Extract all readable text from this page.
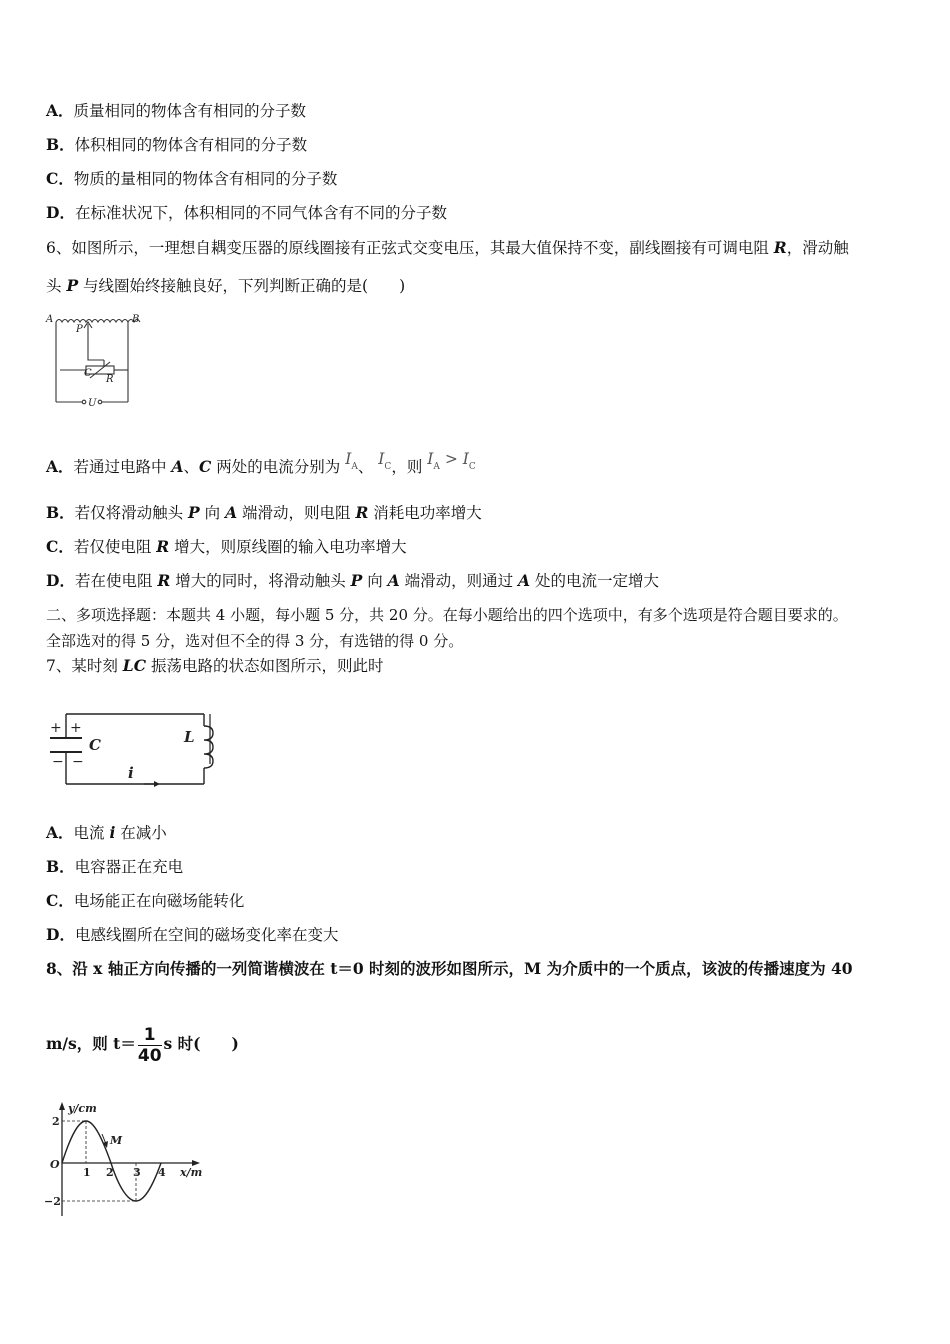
A．质量相同的物体含有相同的分子数
B．体积相同的物体含有相同的分子数
C．物质的量相同的物体含有相同的分子数
D．在标准状况下，体积相同的不同气体含有不同的分子数
6、如图所示，一理想自耦变压器的原线圈接有正弦式交变电压，其最大值保持不变，副线圈接有可调电阻 R，滑动触
头 P 与线圈始终接触良好，下列判断正确的是(　　)
A	B
P
C
R
U
A．若通过电路中 A、C 两处的电流分别为 $I_A$、 $I_C$，则 $I_A > I_C$
B．若仅将滑动触头 P 向 A 端滑动，则电阻 R 消耗电功率增大
C．若仅使电阻 R 增大，则原线圈的输入电功率增大
D．若在使电阻 R 增大的同时，将滑动触头 P 向 A 端滑动，则通过 A 处的电流一定增大
二、多项选择题：本题共 4 小题，每小题 5 分，共 20 分。在每小题给出的四个选项中，有多个选项是符合题目要求的。
全部选对的得 5 分，选对但不全的得 3 分，有选错的得 0 分。
7、某时刻 LC 振荡电路的状态如图所示，则此时
+ +
− −
C	L
i
A．电流 i 在减小
B．电容器正在充电
C．电场能正在向磁场能转化
D．电感线圈所在空间的磁场变化率在变大
8、沿 x 轴正方向传播的一列简谐横波在 t＝0 时刻的波形如图所示，M 为介质中的一个质点，该波的传播速度为 40
m/s，则 $t= \frac{1}{40}$ s 时(　　)
y/cm
x/m
O
M
2
−2
1 2 3 4
